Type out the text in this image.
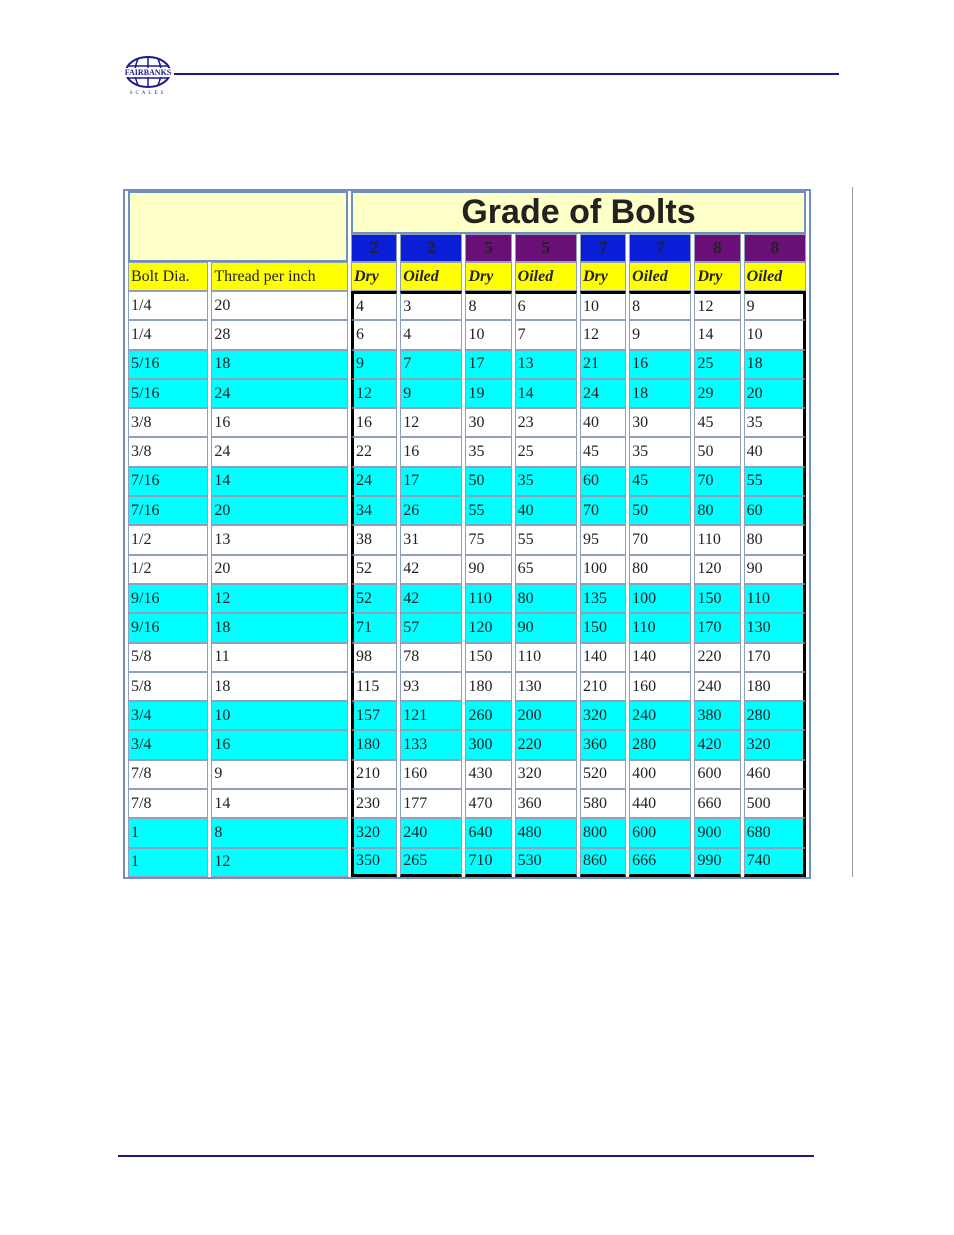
FAIRBANKS
SCALES
		Grade of Bolts							
		2	2	5	5	7	7	8	8
Bolt Dia.	Thread per inch	Dry	Oiled	Dry	Oiled	Dry	Oiled	Dry	Oiled
1/4	20	4	3	8	6	10	8	12	9
1/4	28	6	4	10	7	12	9	14	10
5/16	18	9	7	17	13	21	16	25	18
5/16	24	12	9	19	14	24	18	29	20
3/8	16	16	12	30	23	40	30	45	35
3/8	24	22	16	35	25	45	35	50	40
7/16	14	24	17	50	35	60	45	70	55
7/16	20	34	26	55	40	70	50	80	60
1/2	13	38	31	75	55	95	70	110	80
1/2	20	52	42	90	65	100	80	120	90
9/16	12	52	42	110	80	135	100	150	110
9/16	18	71	57	120	90	150	110	170	130
5/8	11	98	78	150	110	140	140	220	170
5/8	18	115	93	180	130	210	160	240	180
3/4	10	157	121	260	200	320	240	380	280
3/4	16	180	133	300	220	360	280	420	320
7/8	9	210	160	430	320	520	400	600	460
7/8	14	230	177	470	360	580	440	660	500
1	8	320	240	640	480	800	600	900	680
1	12	350	265	710	530	860	666	990	740
